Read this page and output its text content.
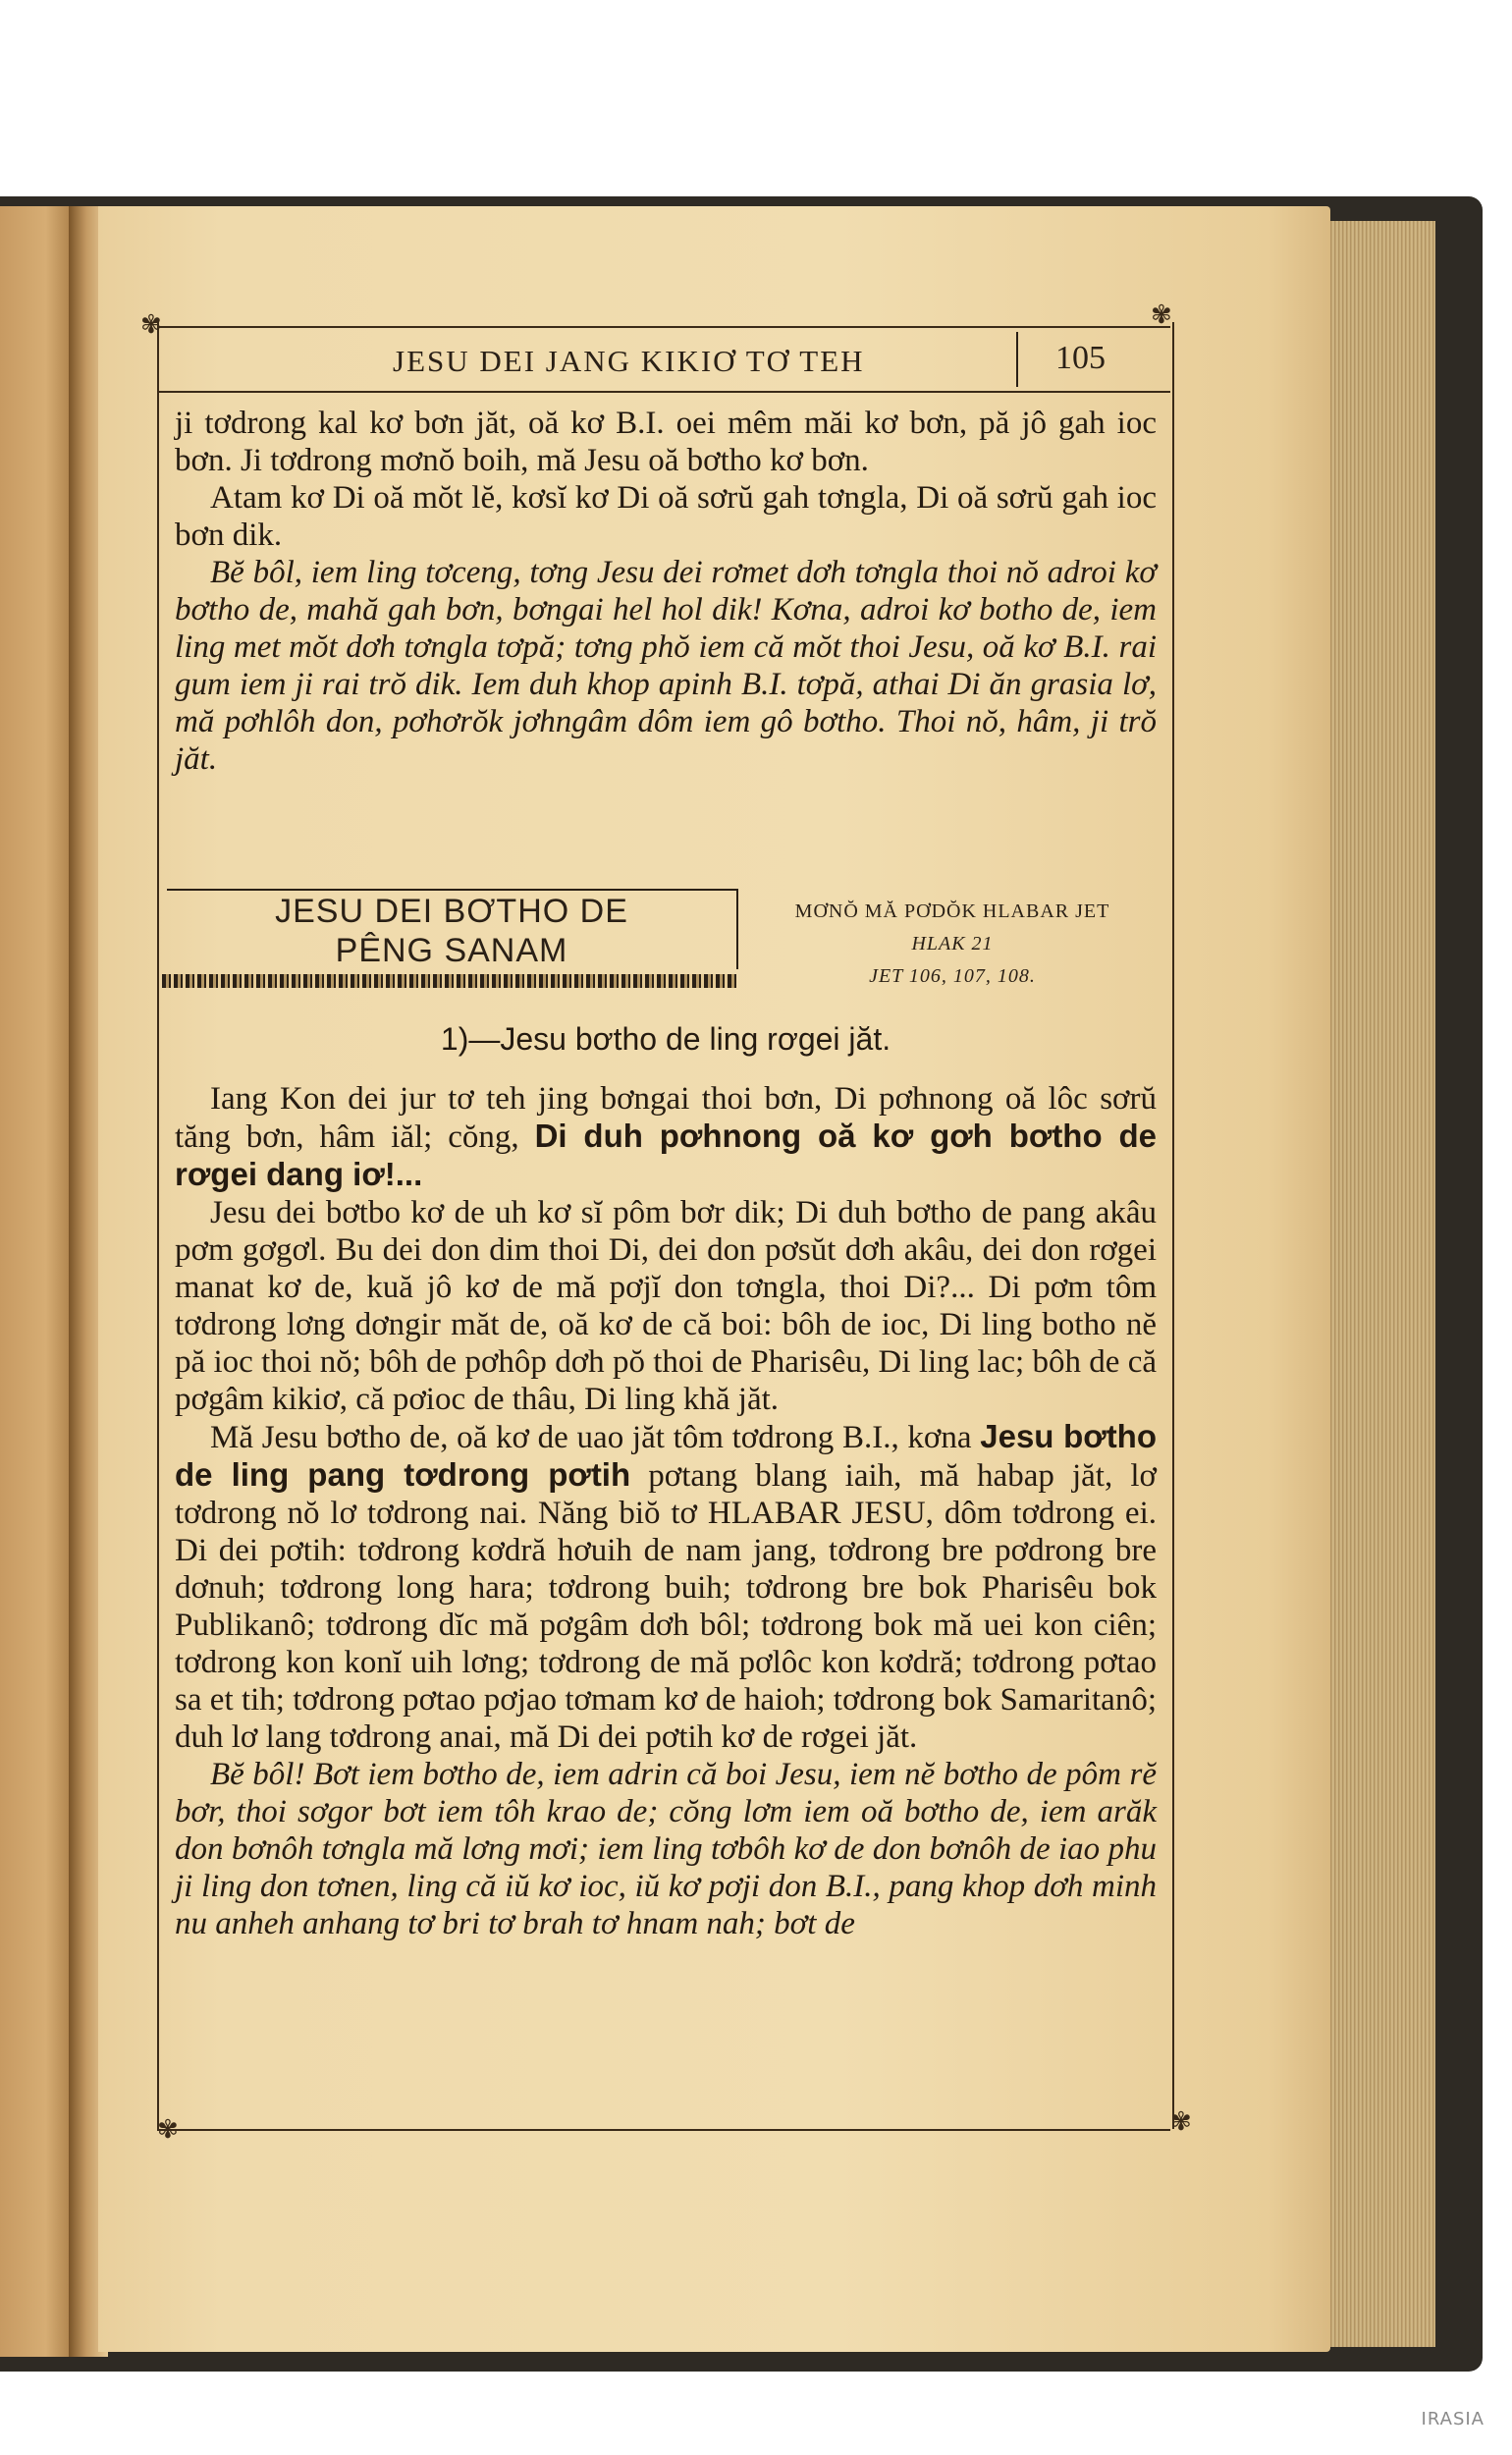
✾	✾
✾	✾
JESU DEI JANG KIKIƠ TƠ TEH	105

ji tơdrong kal kơ bơn jăt, oă kơ B.I. oei mêm măi kơ bơn, pă jô gah ioc bơn. Ji tơdrong mơnŏ boih, mă Jesu oă bơtho kơ bơn.

Atam kơ Di oă mŏt lĕ, kơsĭ kơ Di oă sơrŭ gah tơngla, Di oă sơrŭ gah ioc bơn dik.

Bĕ bôl, iem ling tơceng, tơng Jesu dei rơmet dơh tơngla thoi nŏ adroi kơ bơtho de, mahă gah bơn, bơngai hel hol dik! Kơna, adroi kơ botho de, iem ling met mŏt dơh tơngla tơpă; tơng phŏ iem că mŏt thoi Jesu, oă kơ B.I. rai gum iem ji rai trŏ dik. Iem duh khop apinh B.I. tơpă, athai Di ăn grasia lơ, mă pơhlôh don, pơhơrŏk jơhngâm dôm iem gô bơtho. Thoi nŏ, hâm, ji trŏ jăt.

JESU DEI BƠTHO DE
PÊNG SANAM
MƠNŎ MĂ PƠDŎK HLABAR JET
HLAK 21
JET 106, 107, 108.
1)—Jesu bơtho de ling rơgei jăt.

Iang Kon dei jur tơ teh jing bơngai thoi bơn, Di pơhnong oă lôc sơrŭ tăng bơn, hâm iăl; cŏng, Di duh pơhnong oă kơ gơh bơtho de rơgei dang iơ!...

Jesu dei bơtbo kơ de uh kơ sĭ pôm bơr dik; Di duh bơtho de pang akâu pơm gơgơl. Bu dei don dim thoi Di, dei don pơsŭt dơh akâu, dei don rơgei manat kơ de, kuă jô kơ de mă pơjĭ don tơngla, thoi Di?... Di pơm tôm tơdrong lơng dơngir măt de, oă kơ de că boi: bôh de ioc, Di ling botho nĕ pă ioc thoi nŏ; bôh de pơhôp dơh pŏ thoi de Pharisêu, Di ling lac; bôh de că pơgâm kikiơ, că pơioc de thâu, Di ling khă jăt.

Mă Jesu bơtho de, oă kơ de uao jăt tôm tơdrong B.I., kơna Jesu bơtho de ling pang tơdrong pơtih pơtang blang iaih, mă habap jăt, lơ tơdrong nŏ lơ tơdrong nai. Năng biŏ tơ HLABAR JESU, dôm tơdrong ei. Di dei pơtih: tơdrong kơdră hơuih de nam jang, tơdrong bre pơdrong bre dơnuh; tơdrong long hara; tơdrong buih; tơdrong bre bok Pharisêu bok Publikanô; tơdrong dĭc mă pơgâm dơh bôl; tơdrong bok mă uei kon ciên; tơdrong kon konĭ uih lơng; tơdrong de mă pơlôc kon kơdră; tơdrong pơtao sa et tih; tơdrong pơtao pơjao tơmam kơ de haioh; tơdrong bok Samaritanô; duh lơ lang tơdrong anai, mă Di dei pơtih kơ de rơgei jăt.

Bĕ bôl! Bơt iem bơtho de, iem adrin că boi Jesu, iem nĕ bơtho de pôm rĕ bơr, thoi sơgor bơt iem tôh krao de; cŏng lơm iem oă bơtho de, iem arăk don bơnôh tơngla mă lơng mơi; iem ling tơbôh kơ de don bơnôh de iao phu ji ling don tơnen, ling că iŭ kơ ioc, iŭ kơ pơji don B.I., pang khop dơh minh nu anheh anhang tơ bri tơ brah tơ hnam nah; bơt de

IRASIA
